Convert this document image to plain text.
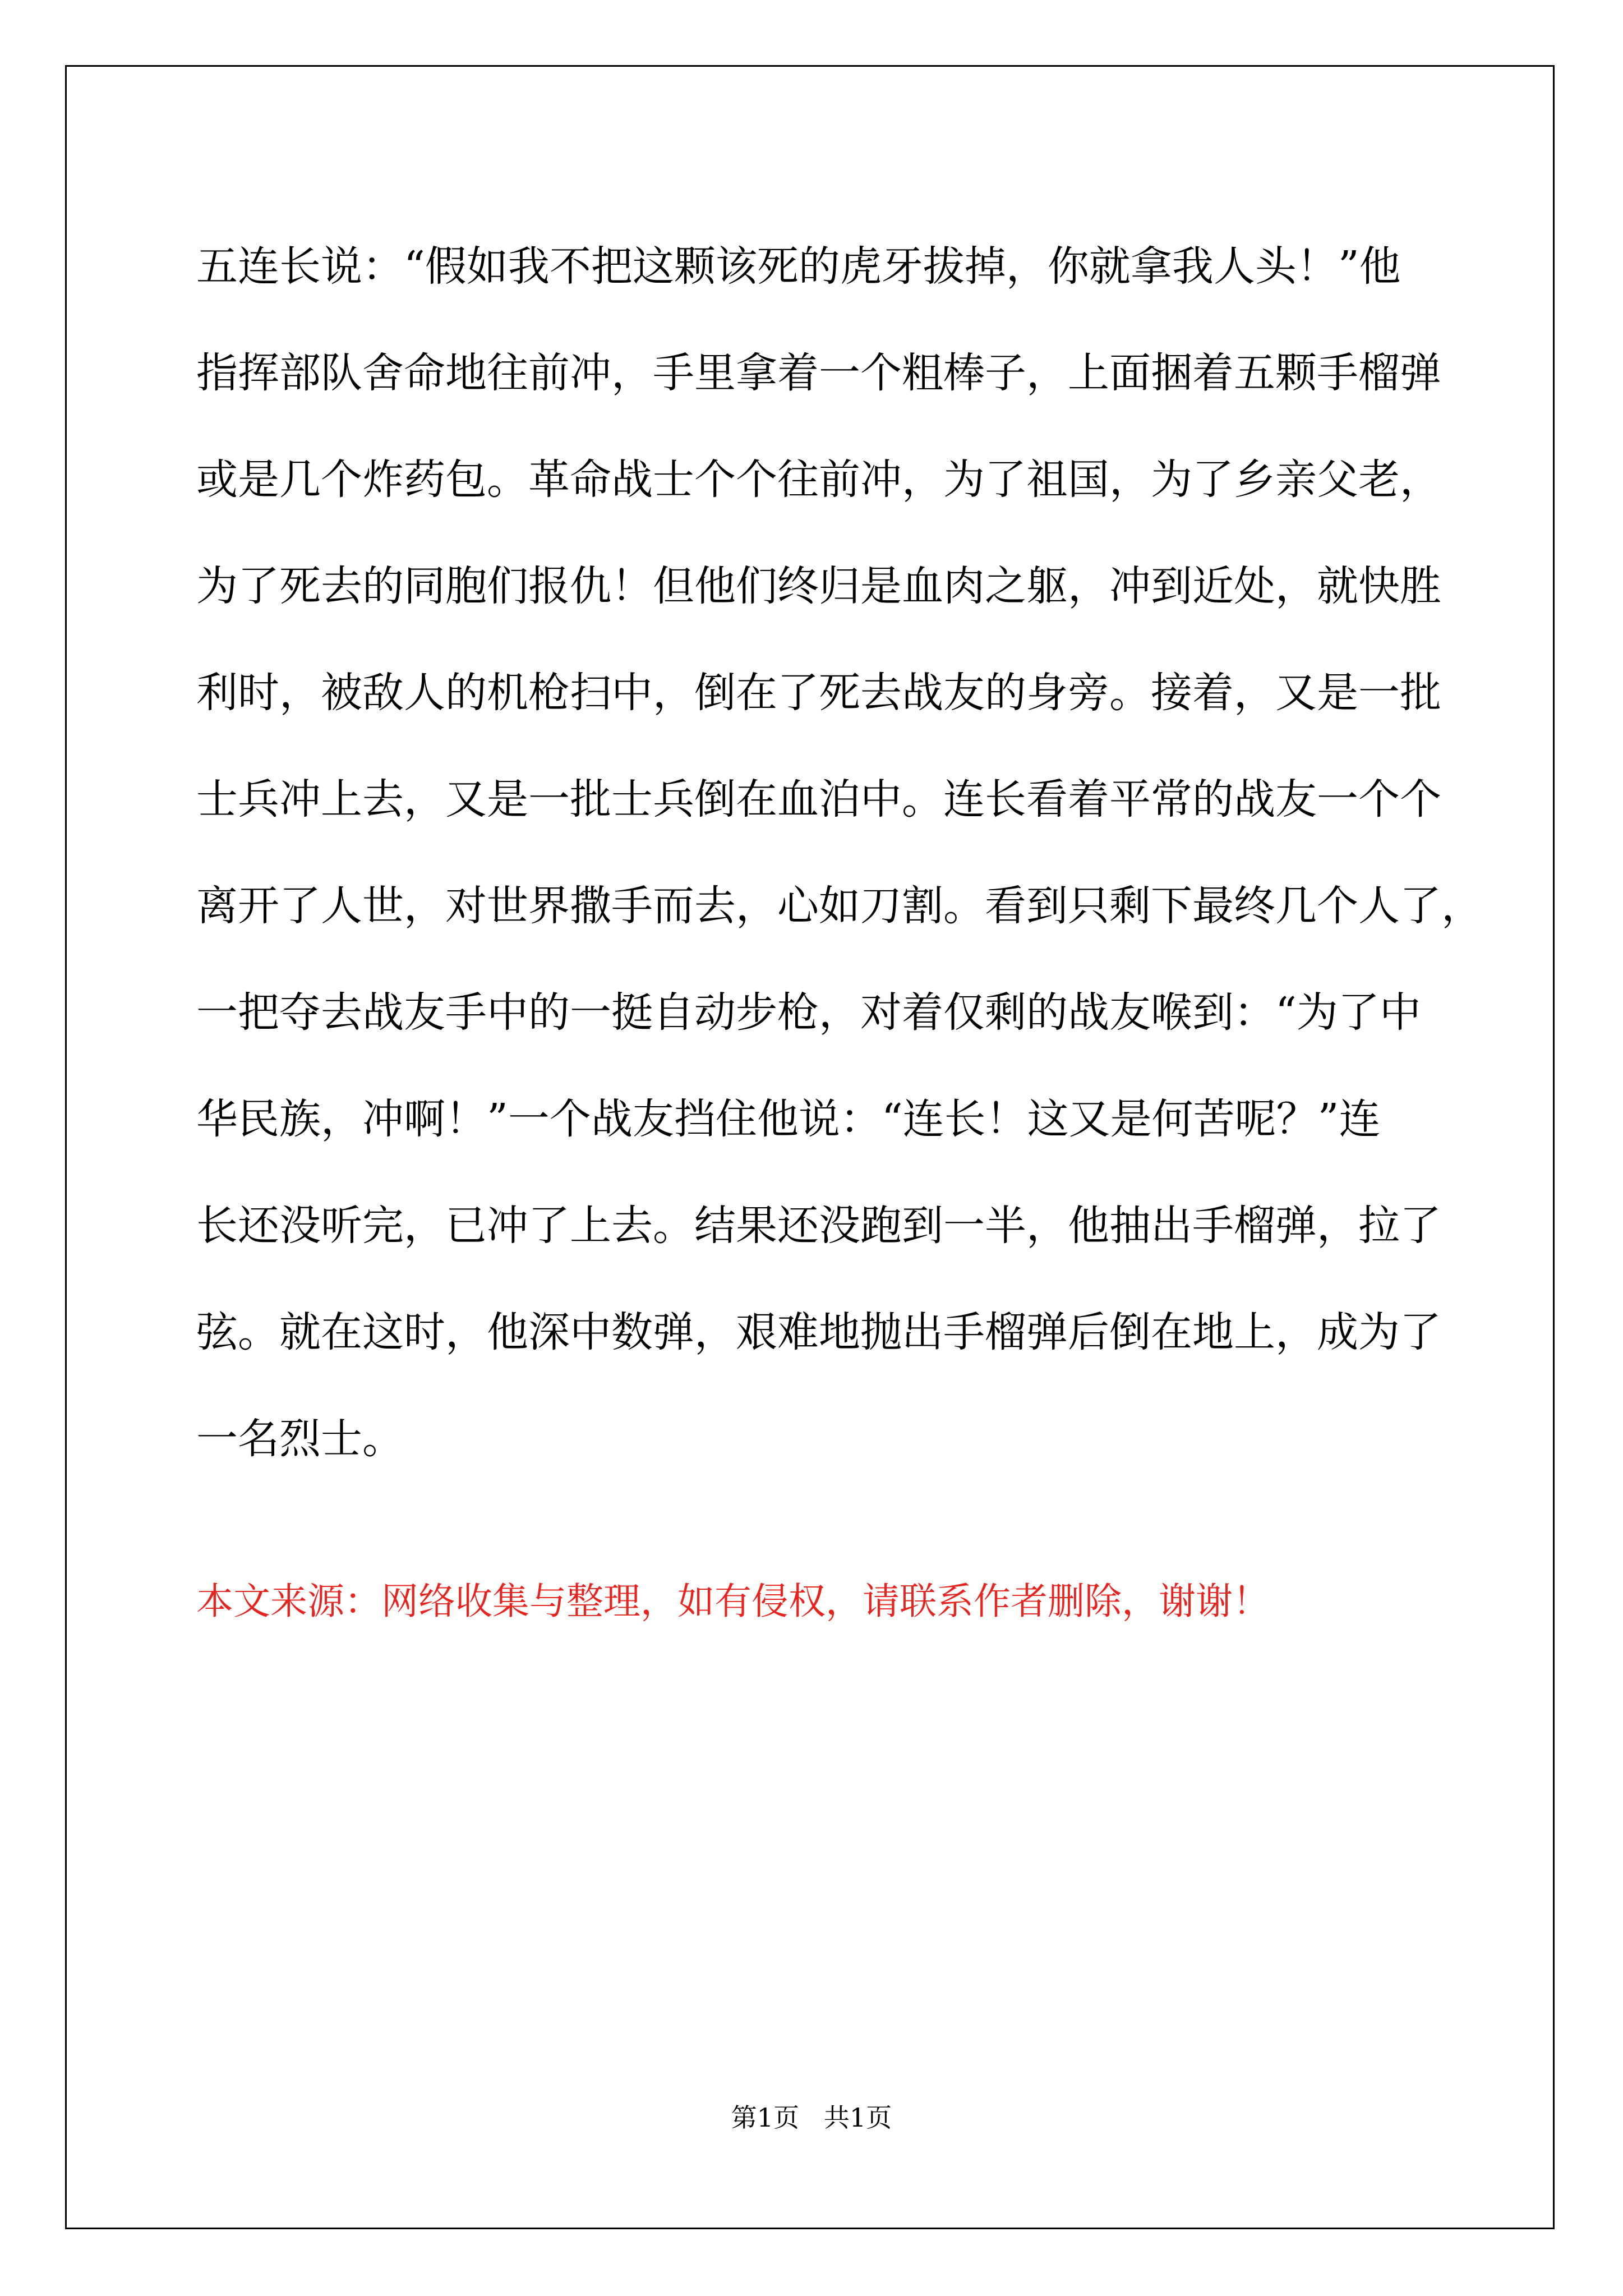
五连长说：“假如我不把这颗该死的虎牙拔掉，你就拿我人头！”他
指挥部队舍命地往前冲，手里拿着一个粗棒子，上面捆着五颗手榴弹
或是几个炸药包。革命战士个个往前冲，为了祖国，为了乡亲父老，
为了死去的同胞们报仇！但他们终归是血肉之躯，冲到近处，就快胜
利时，被敌人的机枪扫中，倒在了死去战友的身旁。接着，又是一批
士兵冲上去，又是一批士兵倒在血泊中。连长看着平常的战友一个个
离开了人世，对世界撒手而去，心如刀割。看到只剩下最终几个人了，
一把夺去战友手中的一挺自动步枪，对着仅剩的战友喉到：“为了中
华民族，冲啊！”一个战友挡住他说：“连长！这又是何苦呢？”连
长还没听完，已冲了上去。结果还没跑到一半，他抽出手榴弹，拉了
弦。就在这时，他深中数弹，艰难地抛出手榴弹后倒在地上，成为了
一名烈士。

本文来源：网络收集与整理，如有侵权，请联系作者删除，谢谢！

第1页   共1页
